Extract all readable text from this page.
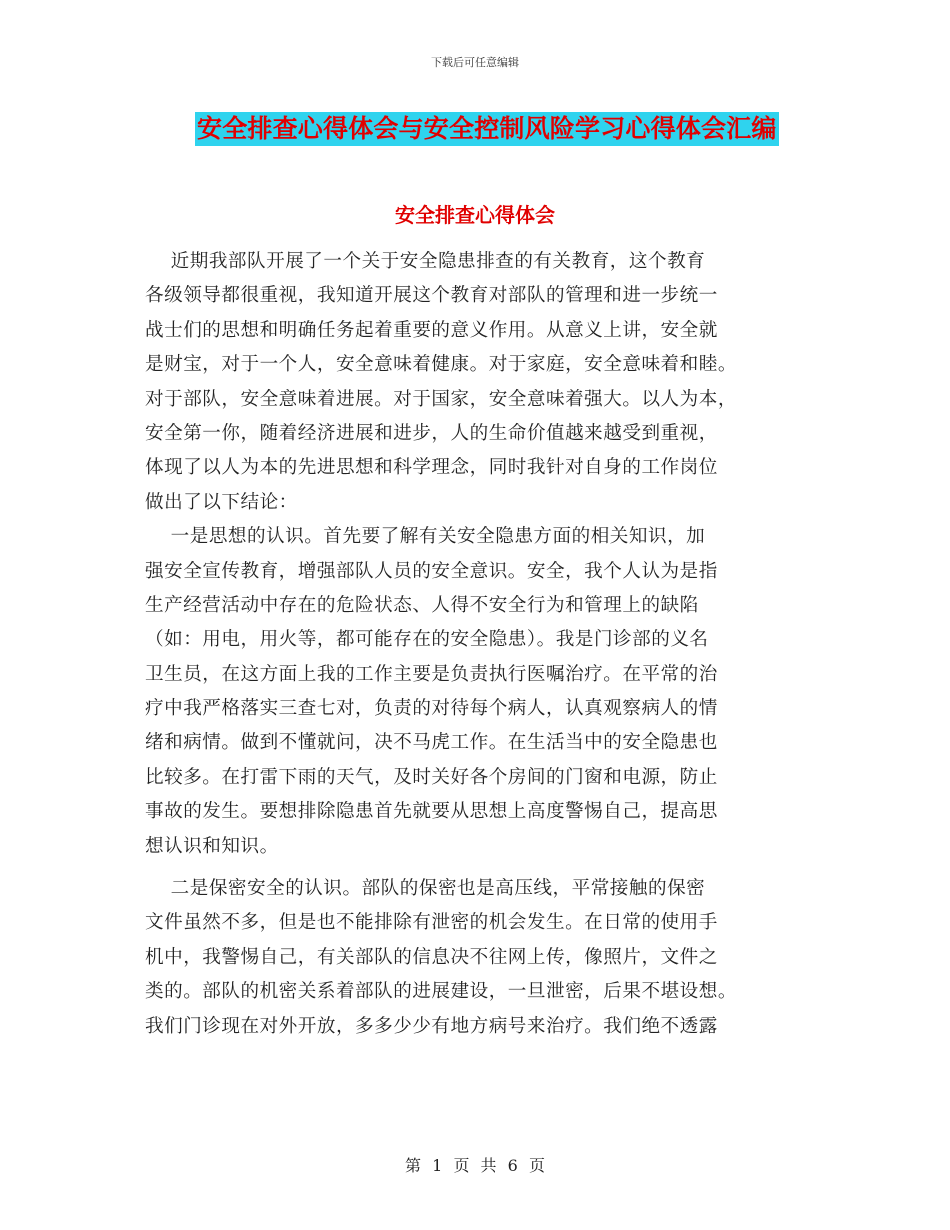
下载后可任意编辑
安全排查心得体会与安全控制风险学习心得体会汇编
安全排查心得体会
近期我部队开展了一个关于安全隐患排查的有关教育，这个教育
各级领导都很重视，我知道开展这个教育对部队的管理和进一步统一
战士们的思想和明确任务起着重要的意义作用。从意义上讲，安全就
是财宝，对于一个人，安全意味着健康。对于家庭，安全意味着和睦。
对于部队，安全意味着进展。对于国家，安全意味着强大。以人为本，
安全第一你，随着经济进展和进步，人的生命价值越来越受到重视，
体现了以人为本的先进思想和科学理念，同时我针对自身的工作岗位
做出了以下结论：
一是思想的认识。首先要了解有关安全隐患方面的相关知识，加
强安全宣传教育，增强部队人员的安全意识。安全，我个人认为是指
生产经营活动中存在的危险状态、人得不安全行为和管理上的缺陷
（如：用电，用火等，都可能存在的安全隐患）。我是门诊部的义名
卫生员，在这方面上我的工作主要是负责执行医嘱治疗。在平常的治
疗中我严格落实三查七对，负责的对待每个病人，认真观察病人的情
绪和病情。做到不懂就问，决不马虎工作。在生活当中的安全隐患也
比较多。在打雷下雨的天气，及时关好各个房间的门窗和电源，防止
事故的发生。要想排除隐患首先就要从思想上高度警惕自己，提高思
想认识和知识。
二是保密安全的认识。部队的保密也是高压线，平常接触的保密
文件虽然不多，但是也不能排除有泄密的机会发生。在日常的使用手
机中，我警惕自己，有关部队的信息决不往网上传，像照片，文件之
类的。部队的机密关系着部队的进展建设，一旦泄密，后果不堪设想。
我们门诊现在对外开放，多多少少有地方病号来治疗。我们绝不透露
第 1 页 共 6 页
